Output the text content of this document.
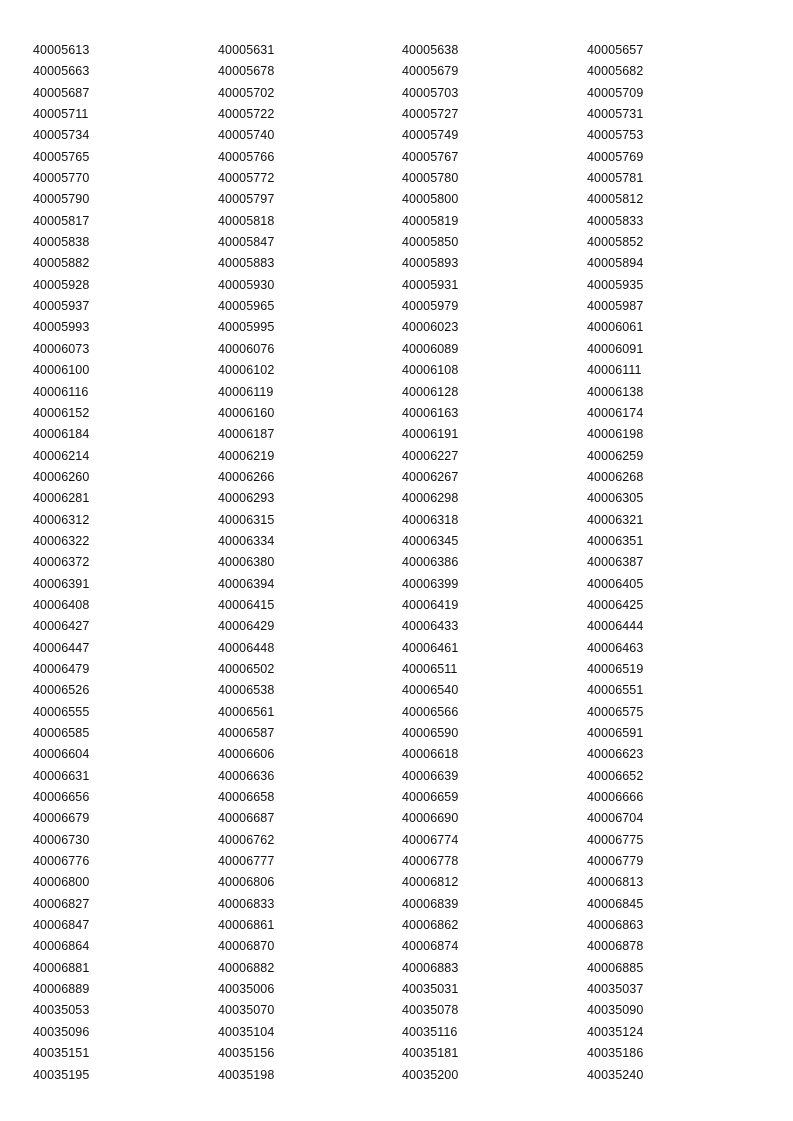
40005613	40005631	40005638	40005657
40005663	40005678	40005679	40005682
40005687	40005702	40005703	40005709
40005711	40005722	40005727	40005731
40005734	40005740	40005749	40005753
40005765	40005766	40005767	40005769
40005770	40005772	40005780	40005781
40005790	40005797	40005800	40005812
40005817	40005818	40005819	40005833
40005838	40005847	40005850	40005852
40005882	40005883	40005893	40005894
40005928	40005930	40005931	40005935
40005937	40005965	40005979	40005987
40005993	40005995	40006023	40006061
40006073	40006076	40006089	40006091
40006100	40006102	40006108	40006111
40006116	40006119	40006128	40006138
40006152	40006160	40006163	40006174
40006184	40006187	40006191	40006198
40006214	40006219	40006227	40006259
40006260	40006266	40006267	40006268
40006281	40006293	40006298	40006305
40006312	40006315	40006318	40006321
40006322	40006334	40006345	40006351
40006372	40006380	40006386	40006387
40006391	40006394	40006399	40006405
40006408	40006415	40006419	40006425
40006427	40006429	40006433	40006444
40006447	40006448	40006461	40006463
40006479	40006502	40006511	40006519
40006526	40006538	40006540	40006551
40006555	40006561	40006566	40006575
40006585	40006587	40006590	40006591
40006604	40006606	40006618	40006623
40006631	40006636	40006639	40006652
40006656	40006658	40006659	40006666
40006679	40006687	40006690	40006704
40006730	40006762	40006774	40006775
40006776	40006777	40006778	40006779
40006800	40006806	40006812	40006813
40006827	40006833	40006839	40006845
40006847	40006861	40006862	40006863
40006864	40006870	40006874	40006878
40006881	40006882	40006883	40006885
40006889	40035006	40035031	40035037
40035053	40035070	40035078	40035090
40035096	40035104	40035116	40035124
40035151	40035156	40035181	40035186
40035195	40035198	40035200	40035240
